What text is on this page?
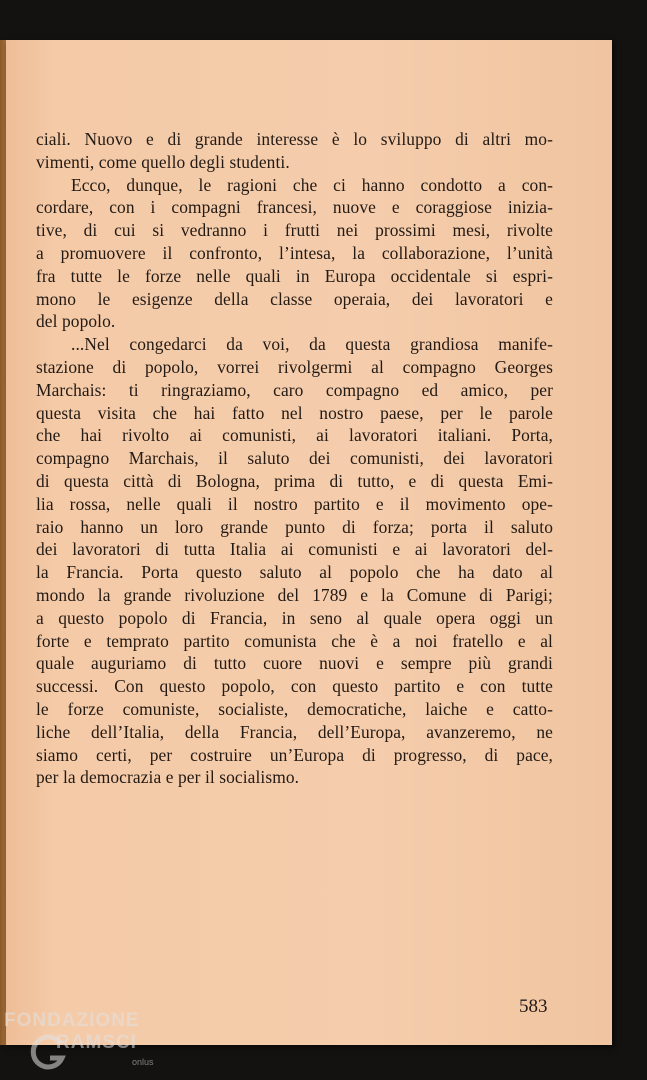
ciali. Nuovo e di grande interesse è lo sviluppo di altri mo-
vimenti, come quello degli studenti.

Ecco, dunque, le ragioni che ci hanno condotto a con-
cordare, con i compagni francesi, nuove e coraggiose inizia-
tive, di cui si vedranno i frutti nei prossimi mesi, rivolte
a promuovere il confronto, l’intesa, la collaborazione, l’unità
fra tutte le forze nelle quali in Europa occidentale si espri-
mono le esigenze della classe operaia, dei lavoratori e
del popolo.

...Nel congedarci da voi, da questa grandiosa manife-
stazione di popolo, vorrei rivolgermi al compagno Georges
Marchais: ti ringraziamo, caro compagno ed amico, per
questa visita che hai fatto nel nostro paese, per le parole
che hai rivolto ai comunisti, ai lavoratori italiani. Porta,
compagno Marchais, il saluto dei comunisti, dei lavoratori
di questa città di Bologna, prima di tutto, e di questa Emi-
lia rossa, nelle quali il nostro partito e il movimento ope-
raio hanno un loro grande punto di forza; porta il saluto
dei lavoratori di tutta Italia ai comunisti e ai lavoratori del-
la Francia. Porta questo saluto al popolo che ha dato al
mondo la grande rivoluzione del 1789 e la Comune di Parigi;
a questo popolo di Francia, in seno al quale opera oggi un
forte e temprato partito comunista che è a noi fratello e al
quale auguriamo di tutto cuore nuovi e sempre più grandi
successi. Con questo popolo, con questo partito e con tutte
le forze comuniste, socialiste, democratiche, laiche e catto-
liche dell’Italia, della Francia, dell’Europa, avanzeremo, ne
siamo certi, per costruire un’Europa di progresso, di pace,
per la democrazia e per il socialismo.

583
FONDAZIONE
RAMSCI
onlus
